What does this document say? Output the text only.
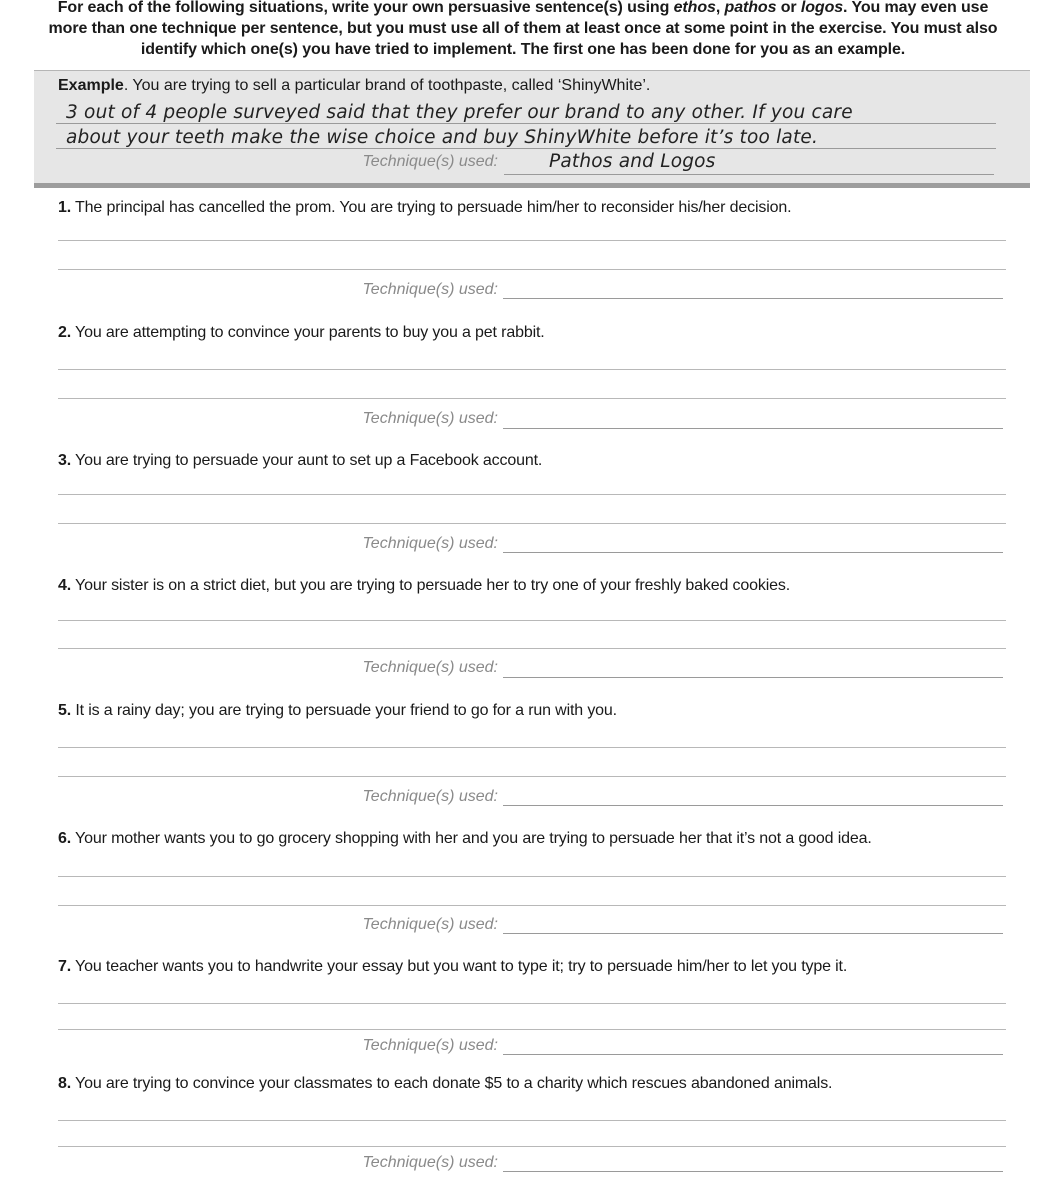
For each of the following situations, write your own persuasive sentence(s) using ethos, pathos or logos. You may even use more than one technique per sentence, but you must use all of them at least once at some point in the exercise. You must also identify which one(s) you have tried to implement. The first one has been done for you as an example.
Example. You are trying to sell a particular brand of toothpaste, called ‘ShinyWhite’.
3 out of 4 people surveyed said that they prefer our brand to any other. If you care
about your teeth make the wise choice and buy ShinyWhite before it’s too late.
Technique(s) used:	Pathos and Logos
1. The principal has cancelled the prom. You are trying to persuade him/her to reconsider his/her decision.
Technique(s) used:
2. You are attempting to convince your parents to buy you a pet rabbit.
Technique(s) used:
3. You are trying to persuade your aunt to set up a Facebook account.
Technique(s) used:
4. Your sister is on a strict diet, but you are trying to persuade her to try one of your freshly baked cookies.
Technique(s) used:
5. It is a rainy day; you are trying to persuade your friend to go for a run with you.
Technique(s) used:
6. Your mother wants you to go grocery shopping with her and you are trying to persuade her that it’s not a good idea.
Technique(s) used:
7. You teacher wants you to handwrite your essay but you want to type it; try to persuade him/her to let you type it.
Technique(s) used:
8. You are trying to convince your classmates to each donate $5 to a charity which rescues abandoned animals.
Technique(s) used:
